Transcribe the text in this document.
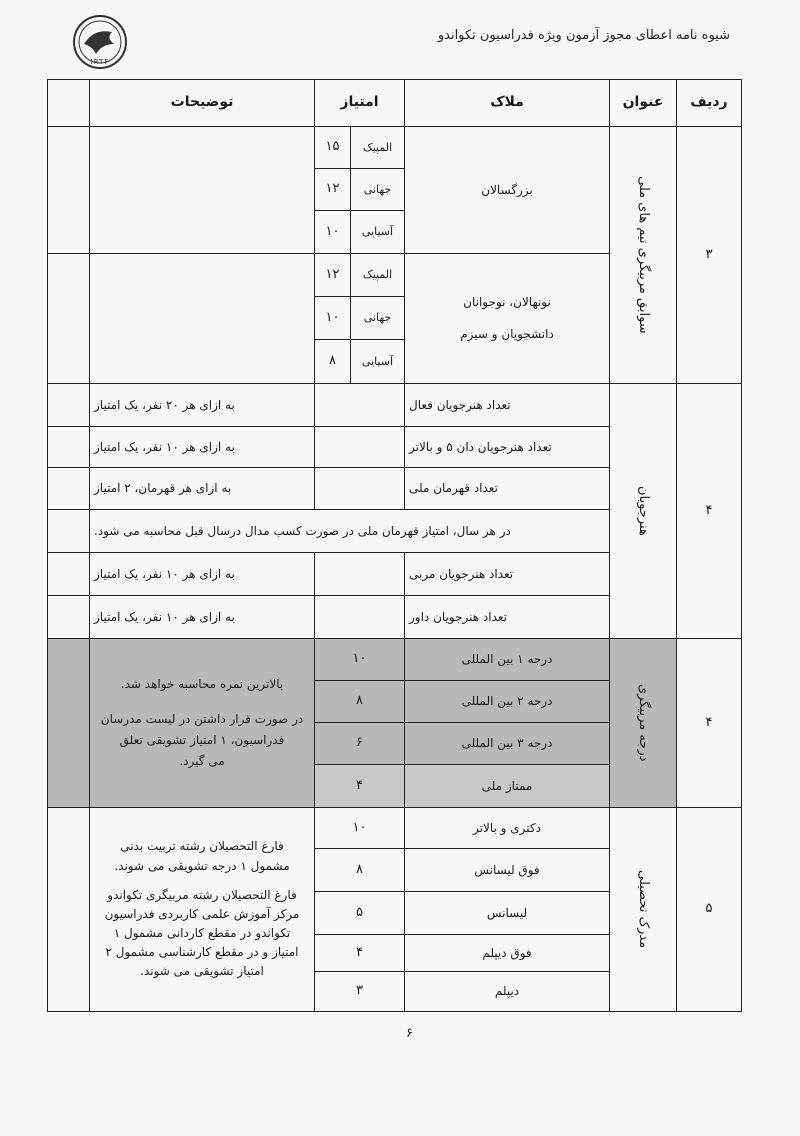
IRTF
شیوه نامه اعطای مجوز آزمون ویژه فدراسیون تکواندو
ردیف
عنوان
ملاک
امتیاز
توضیحات
۳
سوابق مربیگری تیم های ملی
بزرگسالان
نونهالان، نوجوانان
دانشجویان و سیزم
المپیک
۱۵
جهانی
۱۲
آسیایی
۱۰
المپیک
۱۲
جهانی
۱۰
آسیایی
۸
۴
هنرجویان
تعداد هنرجویان فعال
به ازای هر ۲۰ نفر، یک امتیاز
تعداد هنرجویان دان ۵ و بالاتر
به ازای هر ۱۰ نفر، یک امتیاز
تعداد قهرمان ملی
به ازای هر قهرمان، ۲ امتیاز
در هر سال، امتیاز قهرمان ملی در صورت کسب مدال درسال قبل محاسبه می شود.
تعداد هنرجویان مربی
به ازای هر ۱۰ نفر، یک امتیاز
تعداد هنرجویان داور
به ازای هر ۱۰ نفر، یک امتیاز
۴
درجه مربیگری
درجه ۱ بین المللی
۱۰
درجه ۲ بین المللی
۸
درجه ۳ بین المللی
۶
ممتاز ملی
۴
بالاترین نمره محاسبه خواهد شد.
در صورت قرار داشتن در لیست مدرسان
فدراسیون، ۱ امتیاز تشویقی تعلق
می گیرد.
۵
مدرک تحصیلی
دکتری و بالاتر
۱۰
فوق لیسانس
۸
لیسانس
۵
فوق دیپلم
۴
دیپلم
۳
فارغ التحصیلان رشته تربیت بدنی
مشمول ۱ درجه تشویقی می شوند.
فارغ التحصیلان رشته مربیگری تکواندو
مرکز آموزش علمی کاربردی فدراسیون
تکواندو در مقطع کاردانی مشمول ۱
امتیاز و در مقطع کارشناسی مشمول ۲
امتیاز تشویقی می شوند.
۶
